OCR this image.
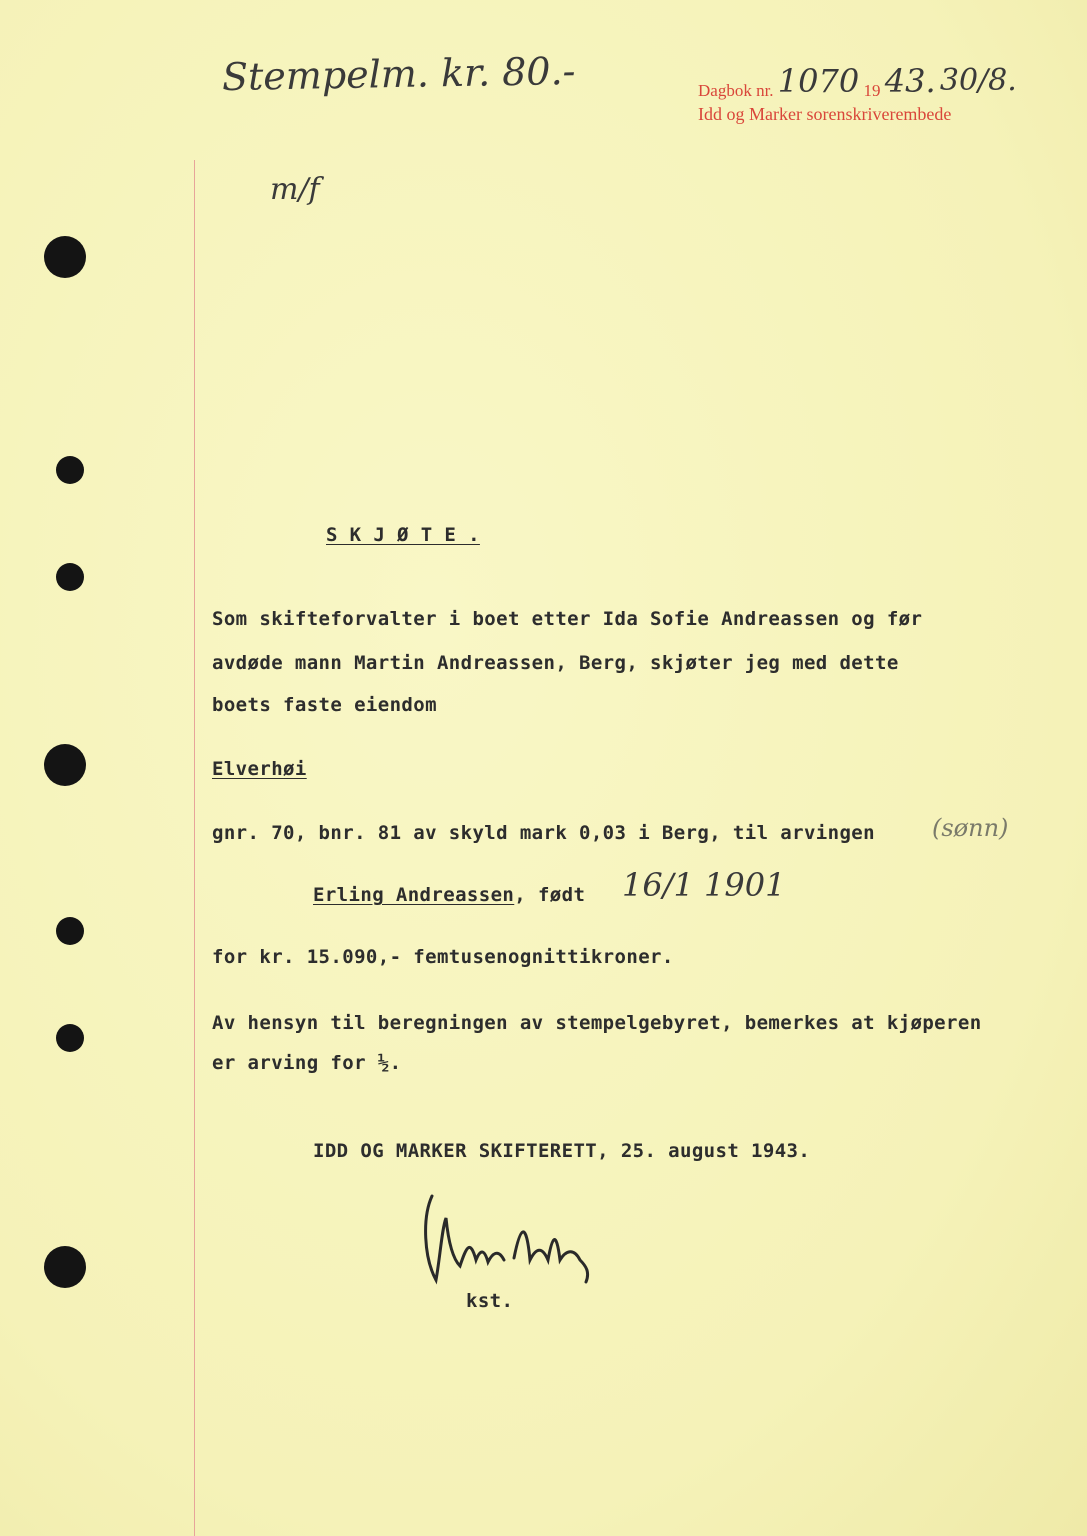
Stempelm. kr. 80.-
m/f
Dagbok nr. 1070 19 43. 30/8.
Idd og Marker sorenskriverembede
S K J Ø T E .
Som skifteforvalter i boet etter Ida Sofie Andreassen og før
avdøde mann Martin Andreassen, Berg, skjøter jeg med dette
boets faste eiendom
Elverhøi
gnr. 70, bnr. 81 av skyld mark 0,03 i Berg, til arvingen (sønn)
Erling Andreassen, født 16/1 1901
for kr. 15.090,- femtusenognittikroner.
Av hensyn til beregningen av stempelgebyret, bemerkes at kjøperen
er arving for ½.
IDD OG MARKER SKIFTERETT, 25. august 1943.
kst.
